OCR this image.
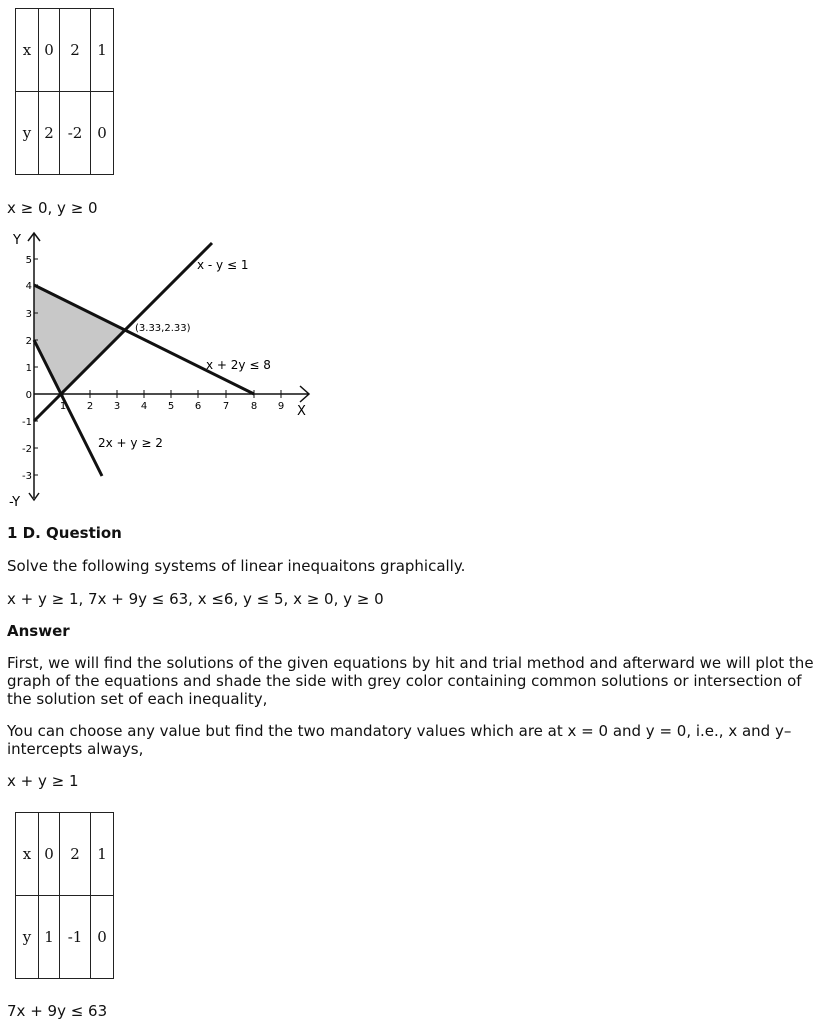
x	0	2	1
y	2	-2	0
x ≥ 0, y ≥ 0
Y
-Y
X
5
4
3
2
1
0
-1
-2
-3
1 2 3 4 5 6 7 8 9
x - y ≤ 1
(3.33,2.33)
x + 2y ≤ 8
2x + y ≥ 2
1 D. Question
Solve the following systems of linear inequaitons graphically.
x + y ≥ 1, 7x + 9y ≤ 63, x ≤6, y ≤ 5, x ≥ 0, y ≥ 0
Answer
First, we will find the solutions of the given equations by hit and trial method and afterward we will plot the graph of the equations and shade the side with grey color containing common solutions or intersection of the solution set of each inequality,
You can choose any value but find the two mandatory values which are at x = 0 and y = 0, i.e., x and y–intercepts always,
x + y ≥ 1
x	0	2	1
y	1	-1	0
7x + 9y ≤ 63
